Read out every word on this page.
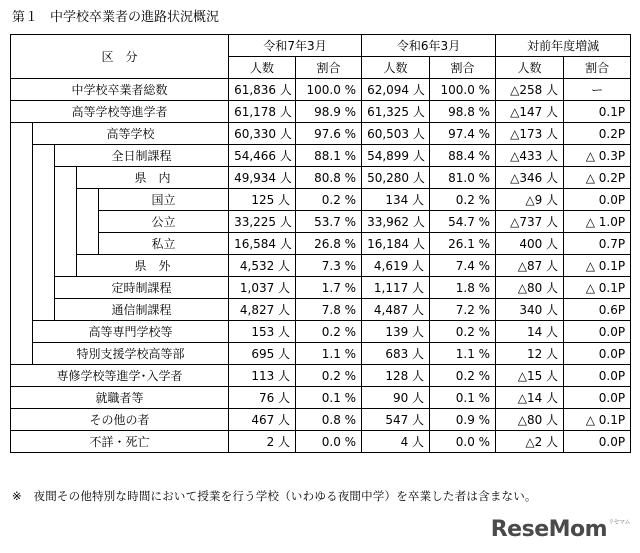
第１ 中学校卒業者の進路状況概況
区　分					令和7年3月		令和6年3月		対前年度増減	
					人数	割合	人数	割合	人数	割合
中学校卒業者総数					61,836 人	100.0 %	62,094 人	100.0 %	△258 人	ー
高等学校等進学者					61,178 人	98.9 %	61,325 人	98.8 %	△147 人	0.1P
	高等学校				60,330 人	97.6 %	60,503 人	97.4 %	△173 人	0.2P
		全日制課程			54,466 人	88.1 %	54,899 人	88.4 %	△433 人	△ 0.3P
			県　内		49,934 人	80.8 %	50,280 人	81.0 %	△346 人	△ 0.2P
				国立	125 人	0.2 %	134 人	0.2 %	△9 人	0.0P
				公立	33,225 人	53.7 %	33,962 人	54.7 %	△737 人	△ 1.0P
				私立	16,584 人	26.8 %	16,184 人	26.1 %	400 人	0.7P
			県　外		4,532 人	7.3 %	4,619 人	7.4 %	△87 人	△ 0.1P
		定時制課程			1,037 人	1.7 %	1,117 人	1.8 %	△80 人	△ 0.1P
		通信制課程			4,827 人	7.8 %	4,487 人	7.2 %	340 人	0.6P
	高等専門学校等				153 人	0.2 %	139 人	0.2 %	14 人	0.0P
	特別支援学校高等部				695 人	1.1 %	683 人	1.1 %	12 人	0.0P
専修学校等進学･入学者					113 人	0.2 %	128 人	0.2 %	△15 人	0.0P
就職者等					76 人	0.1 %	90 人	0.1 %	△14 人	0.0P
その他の者					467 人	0.8 %	547 人	0.9 %	△80 人	△ 0.1P
不詳・死亡					2 人	0.0 %	4 人	0.0 %	△2 人	0.0P
※　夜間その他特別な時間において授業を行う学校（いわゆる夜間中学）を卒業した者は含まない。
ReseMom$^{リセマム}$
